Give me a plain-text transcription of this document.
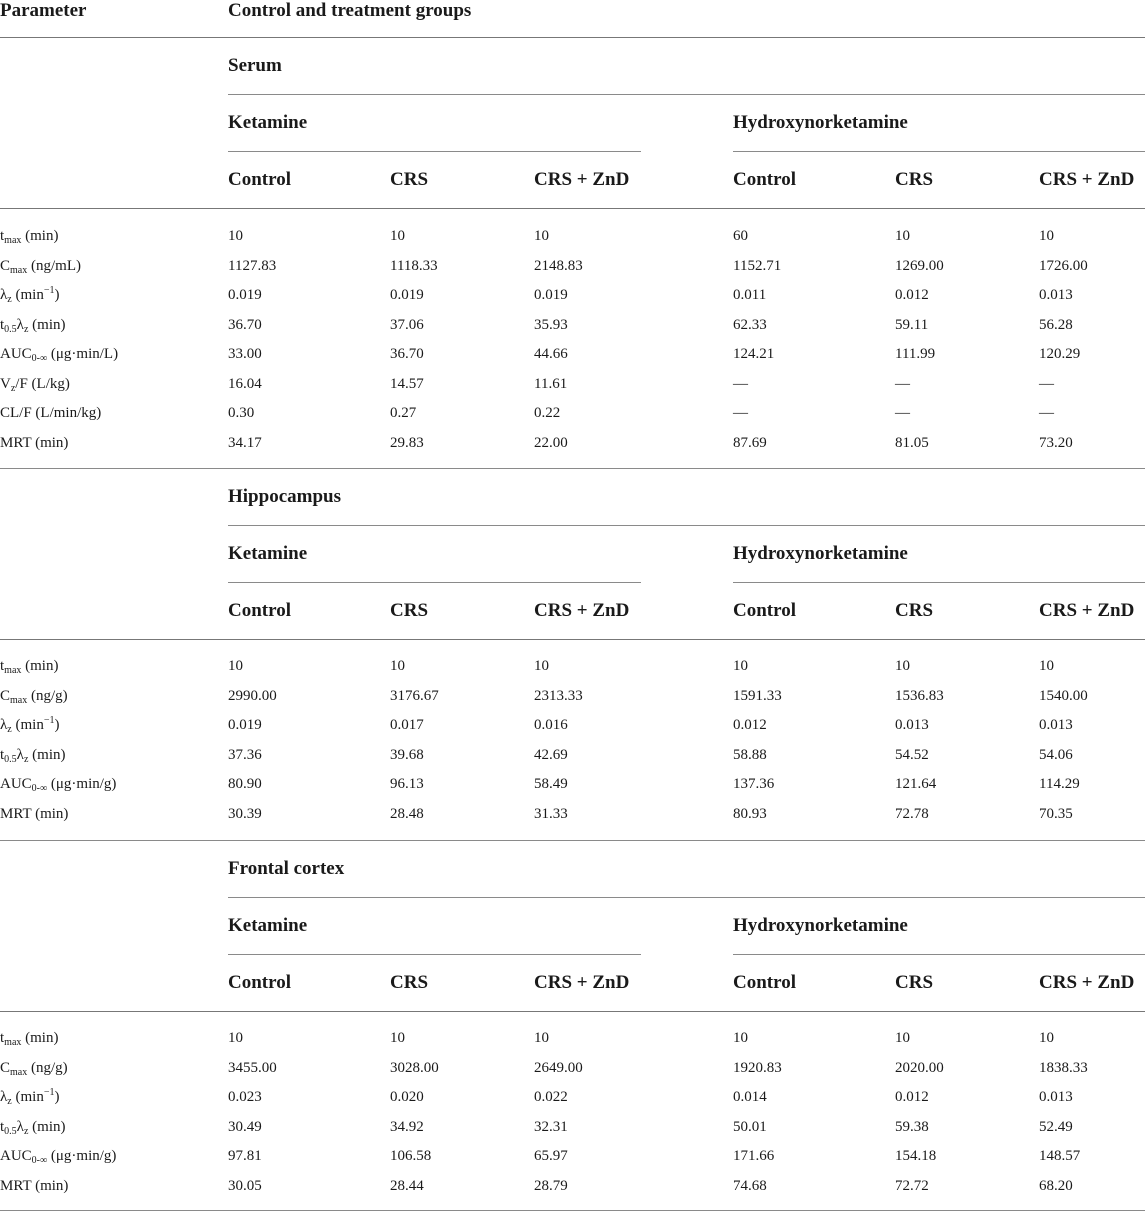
Parameter	Control and treatment groups
Serum
Ketamine	Hydroxynorketamine
Control	CRS	CRS + ZnD	Control	CRS	CRS + ZnD
$t_{max}$ (min)	10	10	10	60	10	10
$C_{max}$ (ng/mL)	1127.83	1118.33	2148.83	1152.71	1269.00	1726.00
$\lambda_z$ $(\min^{-1})$	0.019	0.019	0.019	0.011	0.012	0.013
$t_{0.5}\lambda_z$ (min)	36.70	37.06	35.93	62.33	59.11	56.28
$AUC_{0-\infty}$ (μg·min/L)	33.00	36.70	44.66	124.21	111.99	120.29
$V_z/F$ (L/kg)	16.04	14.57	11.61	—	—	—
CL/F (L/min/kg)	0.30	0.27	0.22	—	—	—
MRT (min)	34.17	29.83	22.00	87.69	81.05	73.20
Hippocampus
Ketamine	Hydroxynorketamine
Control	CRS	CRS + ZnD	Control	CRS	CRS + ZnD
$t_{max}$ (min)	10	10	10	10	10	10
$C_{max}$ (ng/g)	2990.00	3176.67	2313.33	1591.33	1536.83	1540.00
$\lambda_z$ $(\min^{-1})$	0.019	0.017	0.016	0.012	0.013	0.013
$t_{0.5}\lambda_z$ (min)	37.36	39.68	42.69	58.88	54.52	54.06
$AUC_{0-\infty}$ (μg·min/g)	80.90	96.13	58.49	137.36	121.64	114.29
MRT (min)	30.39	28.48	31.33	80.93	72.78	70.35
Frontal cortex
Ketamine	Hydroxynorketamine
Control	CRS	CRS + ZnD	Control	CRS	CRS + ZnD
$t_{max}$ (min)	10	10	10	10	10	10
$C_{max}$ (ng/g)	3455.00	3028.00	2649.00	1920.83	2020.00	1838.33
$\lambda_z$ $(\min^{-1})$	0.023	0.020	0.022	0.014	0.012	0.013
$t_{0.5}\lambda_z$ (min)	30.49	34.92	32.31	50.01	59.38	52.49
$AUC_{0-\infty}$ (μg·min/g)	97.81	106.58	65.97	171.66	154.18	148.57
MRT (min)	30.05	28.44	28.79	74.68	72.72	68.20
